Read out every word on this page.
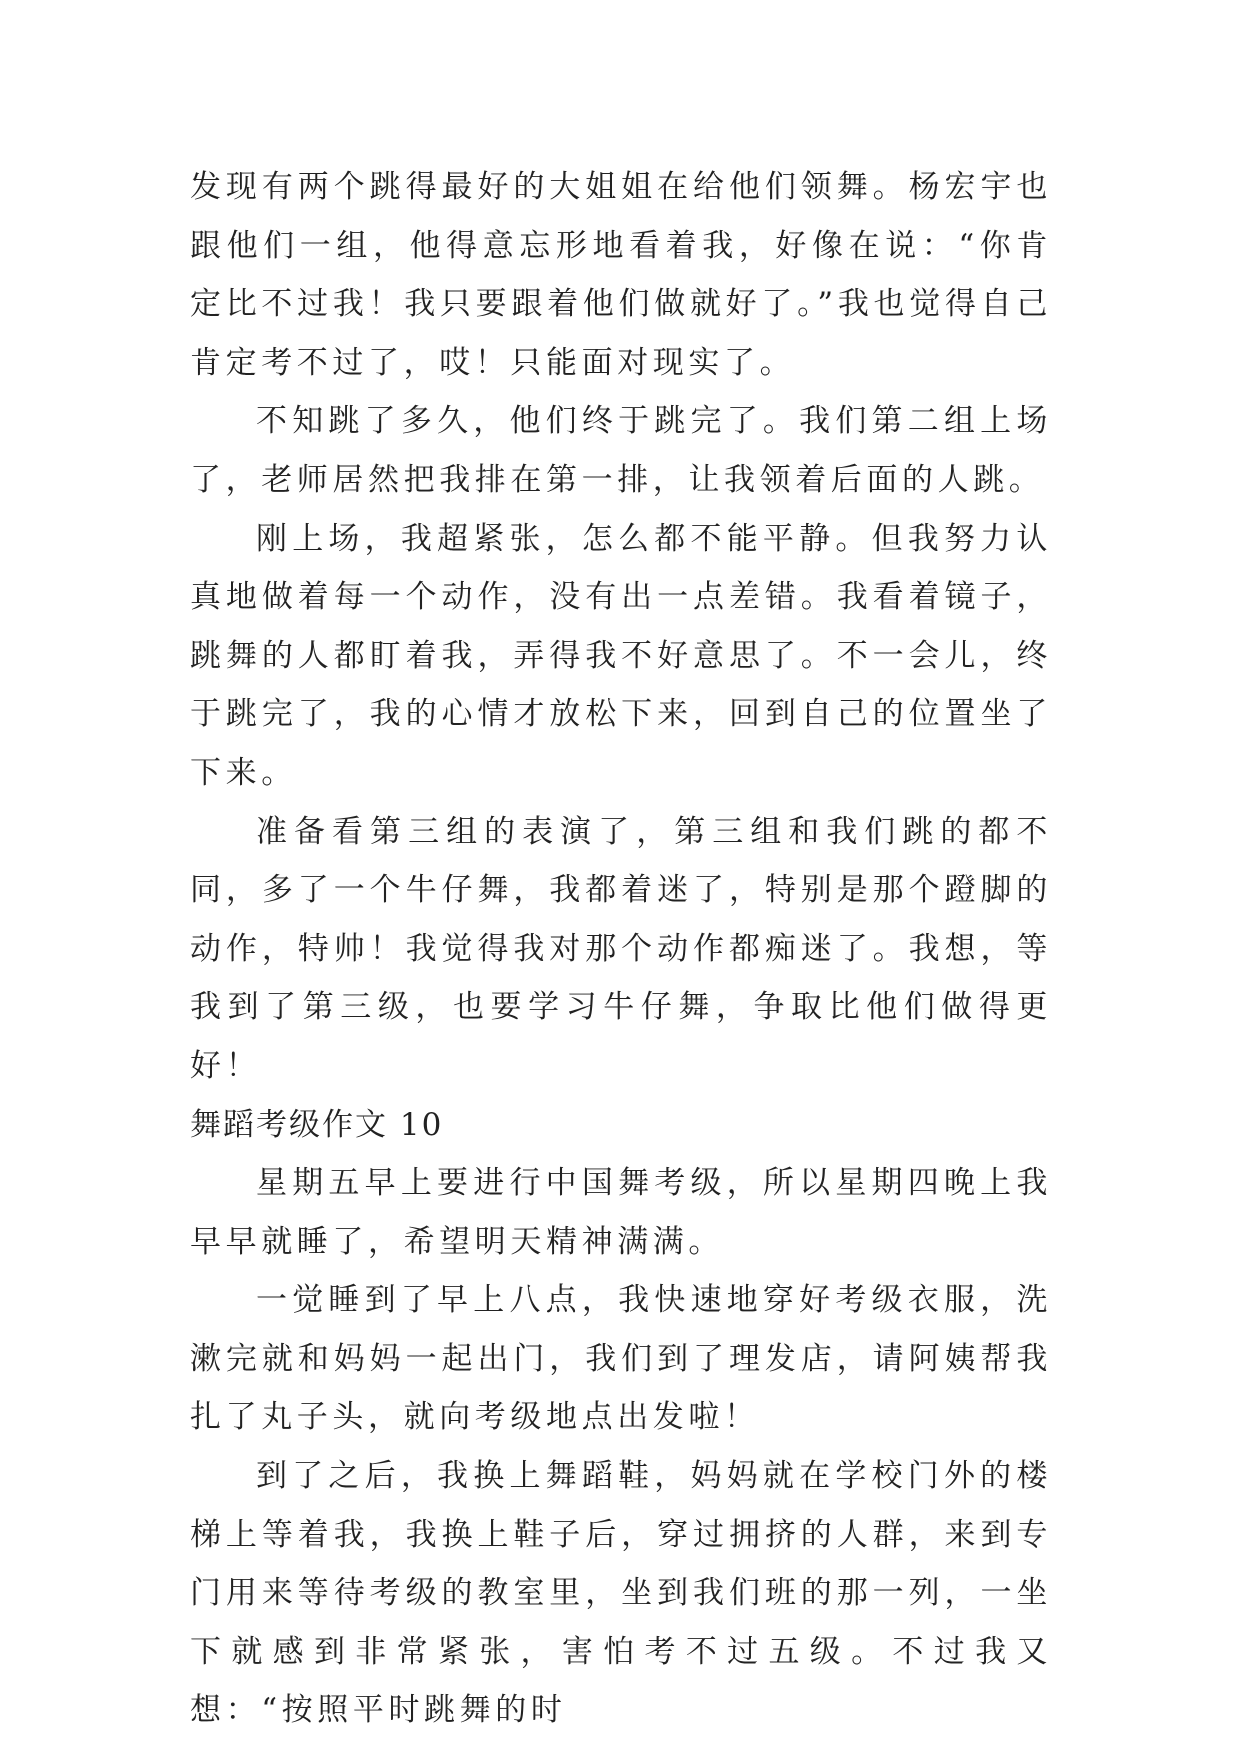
发现有两个跳得最好的大姐姐在给他们领舞。杨宏宇也跟他们一组，他得意忘形地看着我，好像在说：“你肯定比不过我！我只要跟着他们做就好了。”我也觉得自己肯定考不过了，哎！只能面对现实了。

不知跳了多久，他们终于跳完了。我们第二组上场了，老师居然把我排在第一排，让我领着后面的人跳。

刚上场，我超紧张，怎么都不能平静。但我努力认真地做着每一个动作，没有出一点差错。我看着镜子，跳舞的人都盯着我，弄得我不好意思了。不一会儿，终于跳完了，我的心情才放松下来，回到自己的位置坐了下来。

准备看第三组的表演了，第三组和我们跳的都不同，多了一个牛仔舞，我都着迷了，特别是那个蹬脚的动作，特帅！我觉得我对那个动作都痴迷了。我想，等我到了第三级，也要学习牛仔舞，争取比他们做得更好！

舞蹈考级作文 10

星期五早上要进行中国舞考级，所以星期四晚上我早早就睡了，希望明天精神满满。

一觉睡到了早上八点，我快速地穿好考级衣服，洗漱完就和妈妈一起出门，我们到了理发店，请阿姨帮我扎了丸子头，就向考级地点出发啦！

到了之后，我换上舞蹈鞋，妈妈就在学校门外的楼梯上等着我，我换上鞋子后，穿过拥挤的人群，来到专门用来等待考级的教室里，坐到我们班的那一列，一坐下就感到非常紧张，害怕考不过五级。不过我又想：“按照平时跳舞的时
